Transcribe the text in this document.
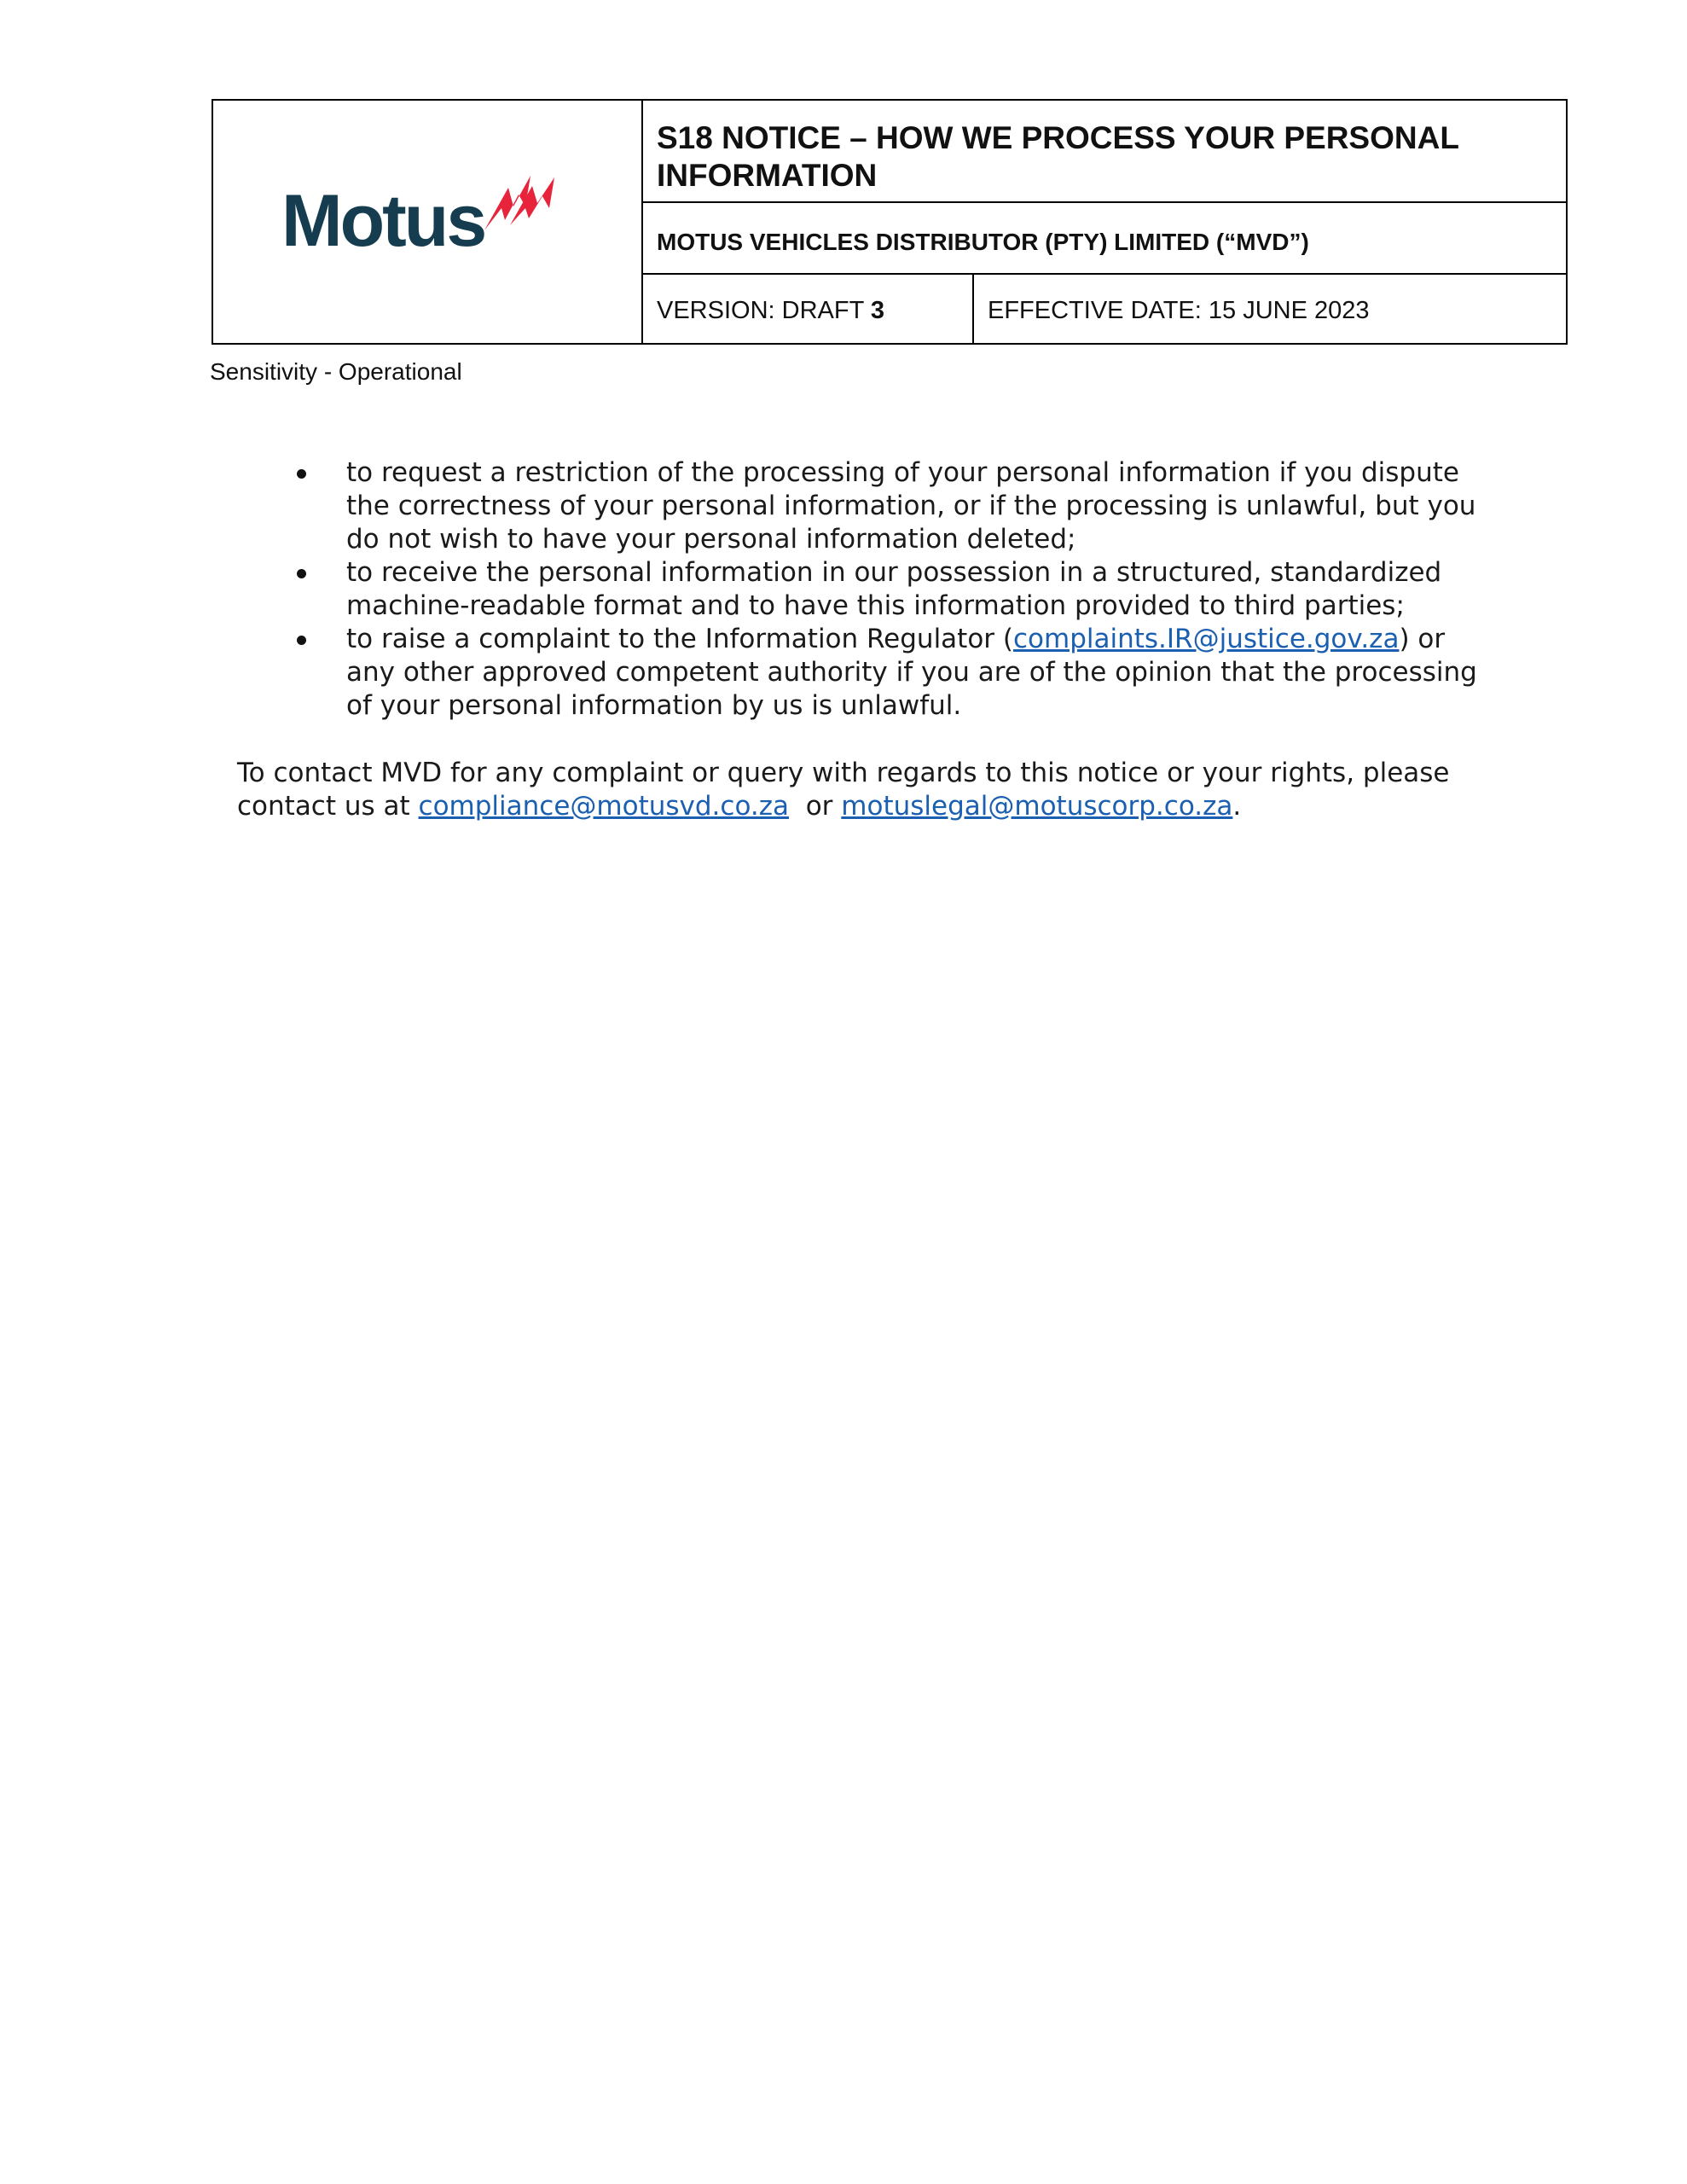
Motus
S18 NOTICE – HOW WE PROCESS YOUR PERSONAL INFORMATION
MOTUS VEHICLES DISTRIBUTOR (PTY) LIMITED (“MVD”)
VERSION: DRAFT 3	EFFECTIVE DATE: 15 JUNE 2023
Sensitivity - Operational
to request a restriction of the processing of your personal information if you dispute the correctness of your personal information, or if the processing is unlawful, but you do not wish to have your personal information deleted;
to receive the personal information in our possession in a structured, standardized machine-readable format and to have this information provided to third parties;
to raise a complaint to the Information Regulator (complaints.IR@justice.gov.za) or any other approved competent authority if you are of the opinion that the processing of your personal information by us is unlawful.

To contact MVD for any complaint or query with regards to this notice or your rights, please contact us at compliance@motusvd.co.za  or motuslegal@motuscorp.co.za.
